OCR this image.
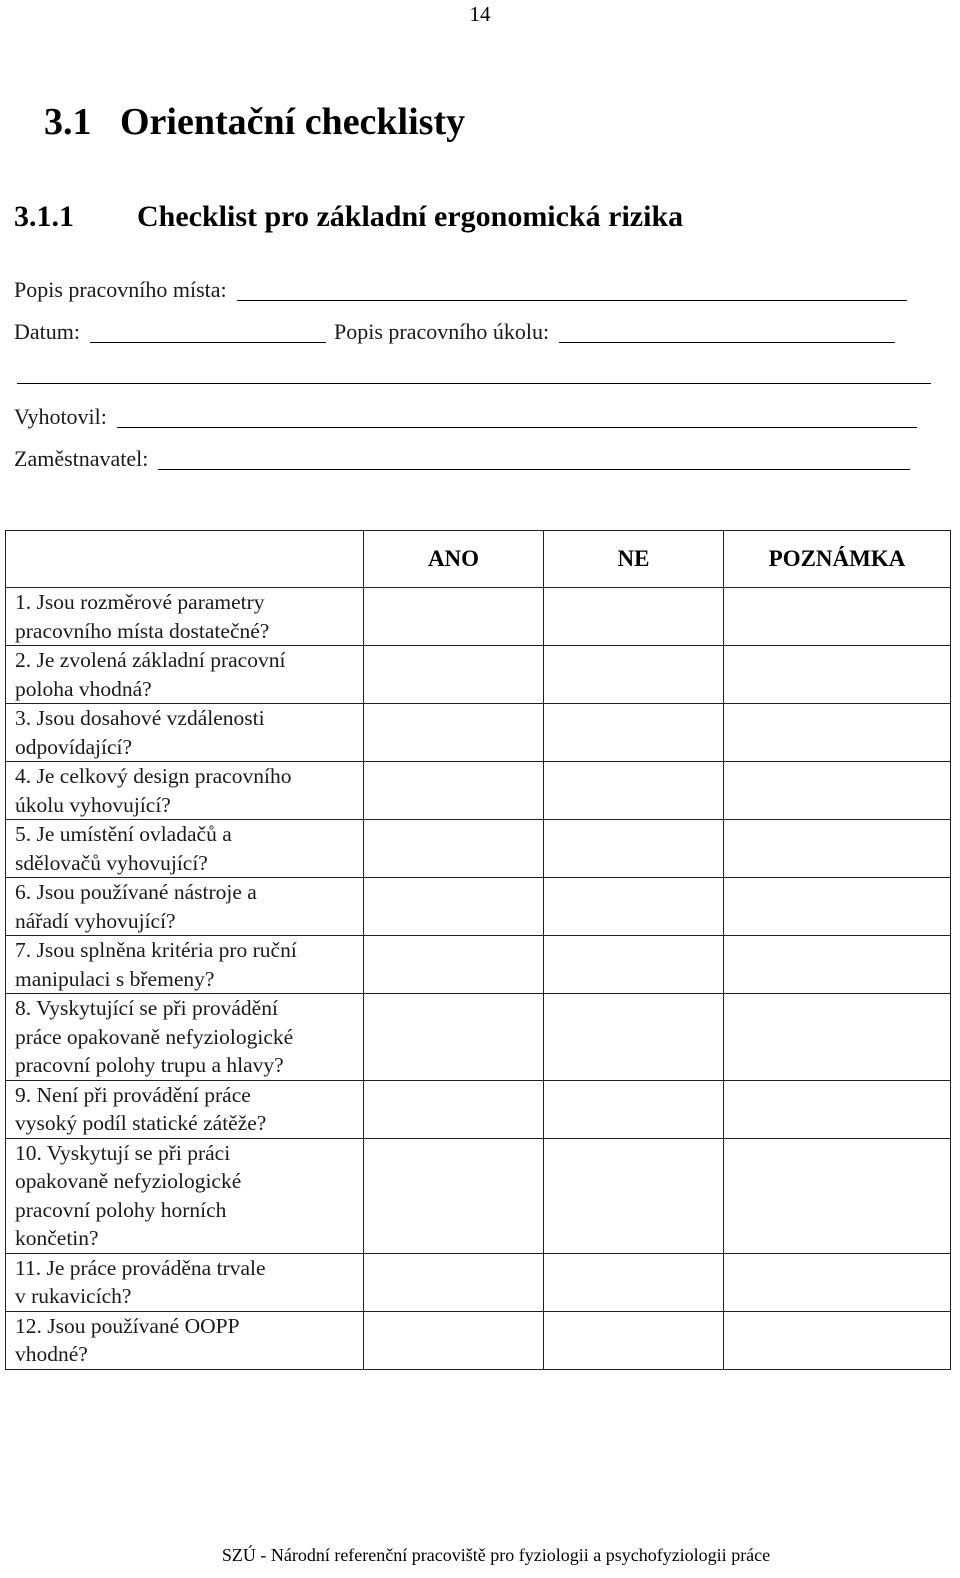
14
3.1 Orientační checklisty
3.1.1 Checklist pro základní ergonomická rizika
Popis pracovního místa:
Datum:	Popis pracovního úkolu:
Vyhotovil:
Zaměstnavatel:
	ANO	NE	POZNÁMKA

1. Jsou rozměrové parametry
pracovního místa dostatečné?			

2. Je zvolená základní pracovní
poloha vhodná?			

3. Jsou dosahové vzdálenosti
odpovídající?			

4. Je celkový design pracovního
úkolu vyhovující?			

5. Je umístění ovladačů a
sdělovačů vyhovující?			

6. Jsou používané nástroje a
nářadí vyhovující?			

7. Jsou splněna kritéria pro ruční
manipulaci s břemeny?			

8. Vyskytující se při provádění
práce opakovaně nefyziologické
pracovní polohy trupu a hlavy?			

9. Není při provádění práce
vysoký podíl statické zátěže?			

10. Vyskytují se při práci
opakovaně nefyziologické
pracovní polohy horních
končetin?			

11. Je práce prováděna trvale
v rukavicích?			

12. Jsou používané OOPP
vhodné?			

SZÚ - Národní referenční pracoviště pro fyziologii a psychofyziologii práce
